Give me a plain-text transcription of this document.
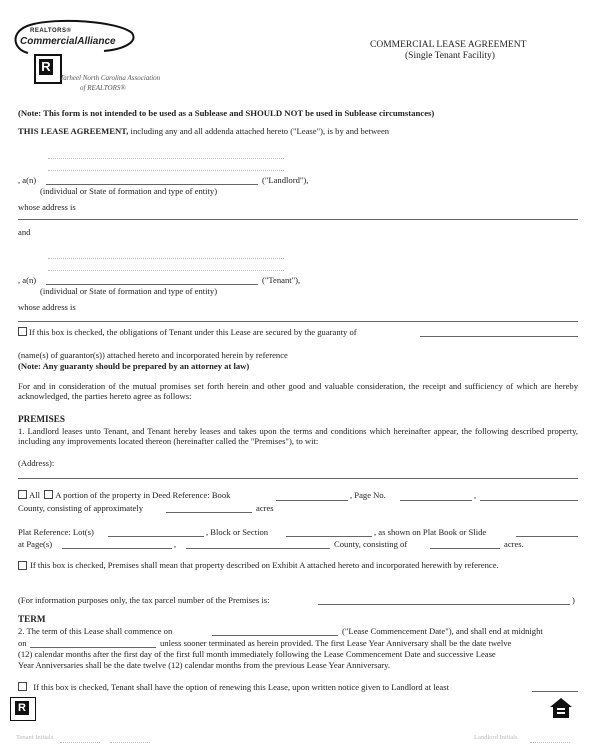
REALTORS®
CommercialAlliance
R
Tarheel North Carolina Association
of REALTORS®
COMMERCIAL LEASE AGREEMENT
(Single Tenant Facility)
(Note: This form is not intended to be used as a Sublease and SHOULD NOT be used in Sublease circumstances)
THIS LEASE AGREEMENT, including any and all addenda attached hereto ("Lease"), is by and between
, a(n)	("Landlord"),
(individual or State of formation and type of entity)
whose address is
and
, a(n)	("Tenant"),
(individual or State of formation and type of entity)
whose address is
If this box is checked, the obligations of Tenant under this Lease are secured by the guaranty of
(name(s) of guarantor(s)) attached hereto and incorporated herein by reference
(Note: Any guaranty should be prepared by an attorney at law)
For and in consideration of the mutual promises set forth herein and other good and valuable consideration, the receipt and sufficiency of which are hereby acknowledged, the parties hereto agree as follows:
PREMISES
1. Landlord leases unto Tenant, and Tenant hereby leases and takes upon the terms and conditions which hereinafter appear, the following described property, including any improvements located thereon (hereinafter called the "Premises"), to wit:
(Address):
All A portion of the property in Deed Reference: Book	, Page No.	,
County, consisting of approximately	acres
Plat Reference: Lot(s)	, Block or Section	, as shown on Plat Book or Slide
at Page(s)	,	County, consisting of	acres.
If this box is checked, Premises shall mean that property described on Exhibit A attached hereto and incorporated herewith by reference.
(For information purposes only, the tax parcel number of the Premises is:	)
TERM
2. The term of this Lease shall commence on	("Lease Commencement Date"), and shall end at midnight
on	unless sooner terminated as herein provided. The first Lease Year Anniversary shall be the date twelve
(12) calendar months after the first day of the first full month immediately following the Lease Commencement Date and successive Lease
Year Anniversaries shall be the date twelve (12) calendar months from the previous Lease Year Anniversary.
If this box is checked, Tenant shall have the option of renewing this Lease, upon written notice given to Landlord at least
R
Tenant Initials	Landlord Initials
